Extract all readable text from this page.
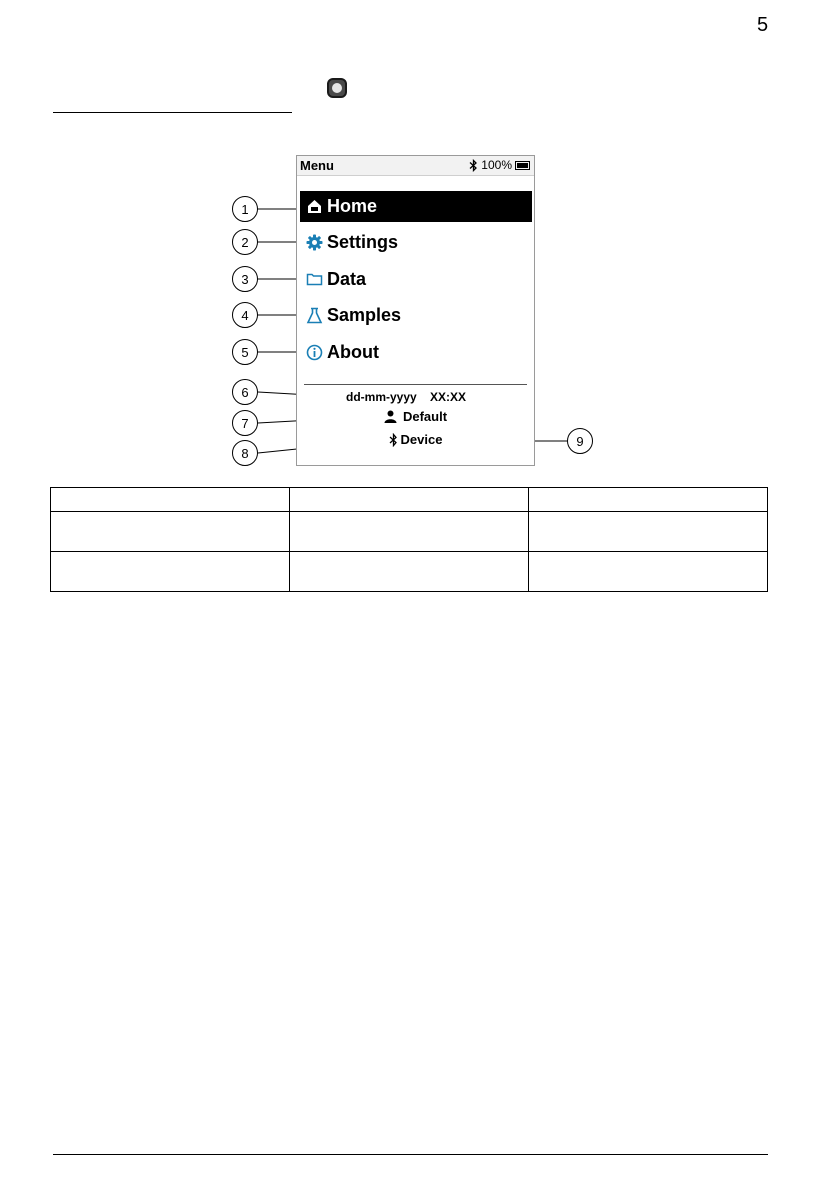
5
Menu	100%
Home
Settings
Data
Samples
About
dd-mm-yyyy    XX:XX
Default
Device
1
2
3
4
5
6
7
8
9
